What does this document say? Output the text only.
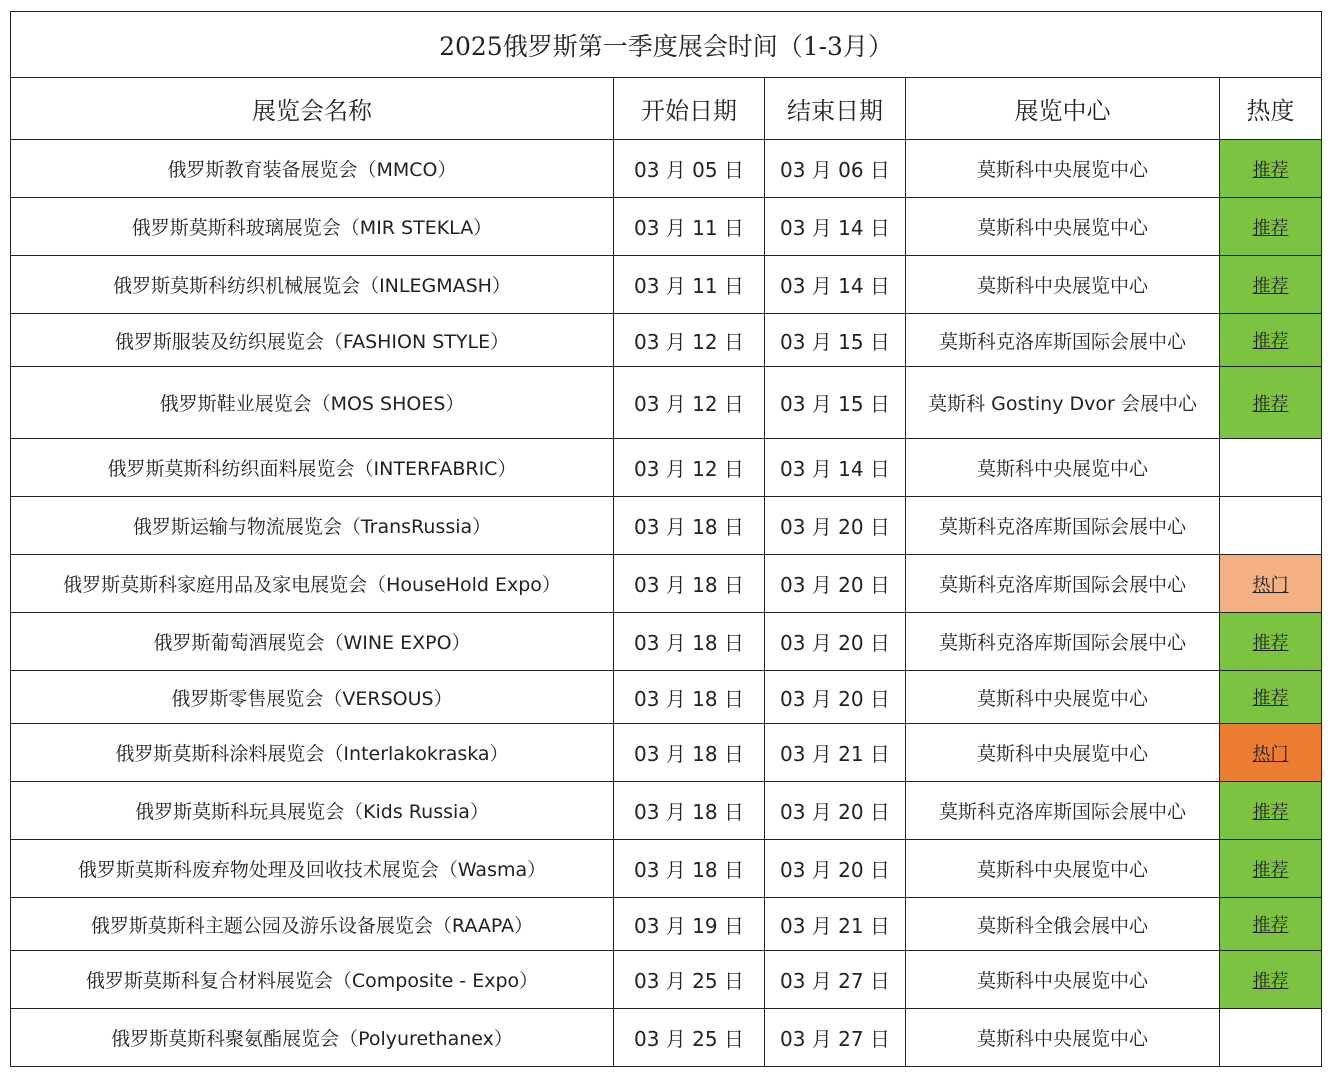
2025俄罗斯第一季度展会时间（1-3月）				
展览会名称	开始日期	结束日期	展览中心	热度
俄罗斯教育装备展览会（MMCO）	03 月 05 日	03 月 06 日	莫斯科中央展览中心	推荐
俄罗斯莫斯科玻璃展览会（MIR STEKLA）	03 月 11 日	03 月 14 日	莫斯科中央展览中心	推荐
俄罗斯莫斯科纺织机械展览会（INLEGMASH）	03 月 11 日	03 月 14 日	莫斯科中央展览中心	推荐
俄罗斯服装及纺织展览会（FASHION STYLE）	03 月 12 日	03 月 15 日	莫斯科克洛库斯国际会展中心	推荐
俄罗斯鞋业展览会（MOS SHOES）	03 月 12 日	03 月 15 日	莫斯科 Gostiny Dvor 会展中心	推荐
俄罗斯莫斯科纺织面料展览会（INTERFABRIC）	03 月 12 日	03 月 14 日	莫斯科中央展览中心	
俄罗斯运输与物流展览会（TransRussia）	03 月 18 日	03 月 20 日	莫斯科克洛库斯国际会展中心	
俄罗斯莫斯科家庭用品及家电展览会（HouseHold Expo）	03 月 18 日	03 月 20 日	莫斯科克洛库斯国际会展中心	热门
俄罗斯葡萄酒展览会（WINE EXPO）	03 月 18 日	03 月 20 日	莫斯科克洛库斯国际会展中心	推荐
俄罗斯零售展览会（VERSOUS）	03 月 18 日	03 月 20 日	莫斯科中央展览中心	推荐
俄罗斯莫斯科涂料展览会（Interlakokraska）	03 月 18 日	03 月 21 日	莫斯科中央展览中心	热门
俄罗斯莫斯科玩具展览会（Kids Russia）	03 月 18 日	03 月 20 日	莫斯科克洛库斯国际会展中心	推荐
俄罗斯莫斯科废弃物处理及回收技术展览会（Wasma）	03 月 18 日	03 月 20 日	莫斯科中央展览中心	推荐
俄罗斯莫斯科主题公园及游乐设备展览会（RAAPA）	03 月 19 日	03 月 21 日	莫斯科全俄会展中心	推荐
俄罗斯莫斯科复合材料展览会（Composite - Expo）	03 月 25 日	03 月 27 日	莫斯科中央展览中心	推荐
俄罗斯莫斯科聚氨酯展览会（Polyurethanex）	03 月 25 日	03 月 27 日	莫斯科中央展览中心	
